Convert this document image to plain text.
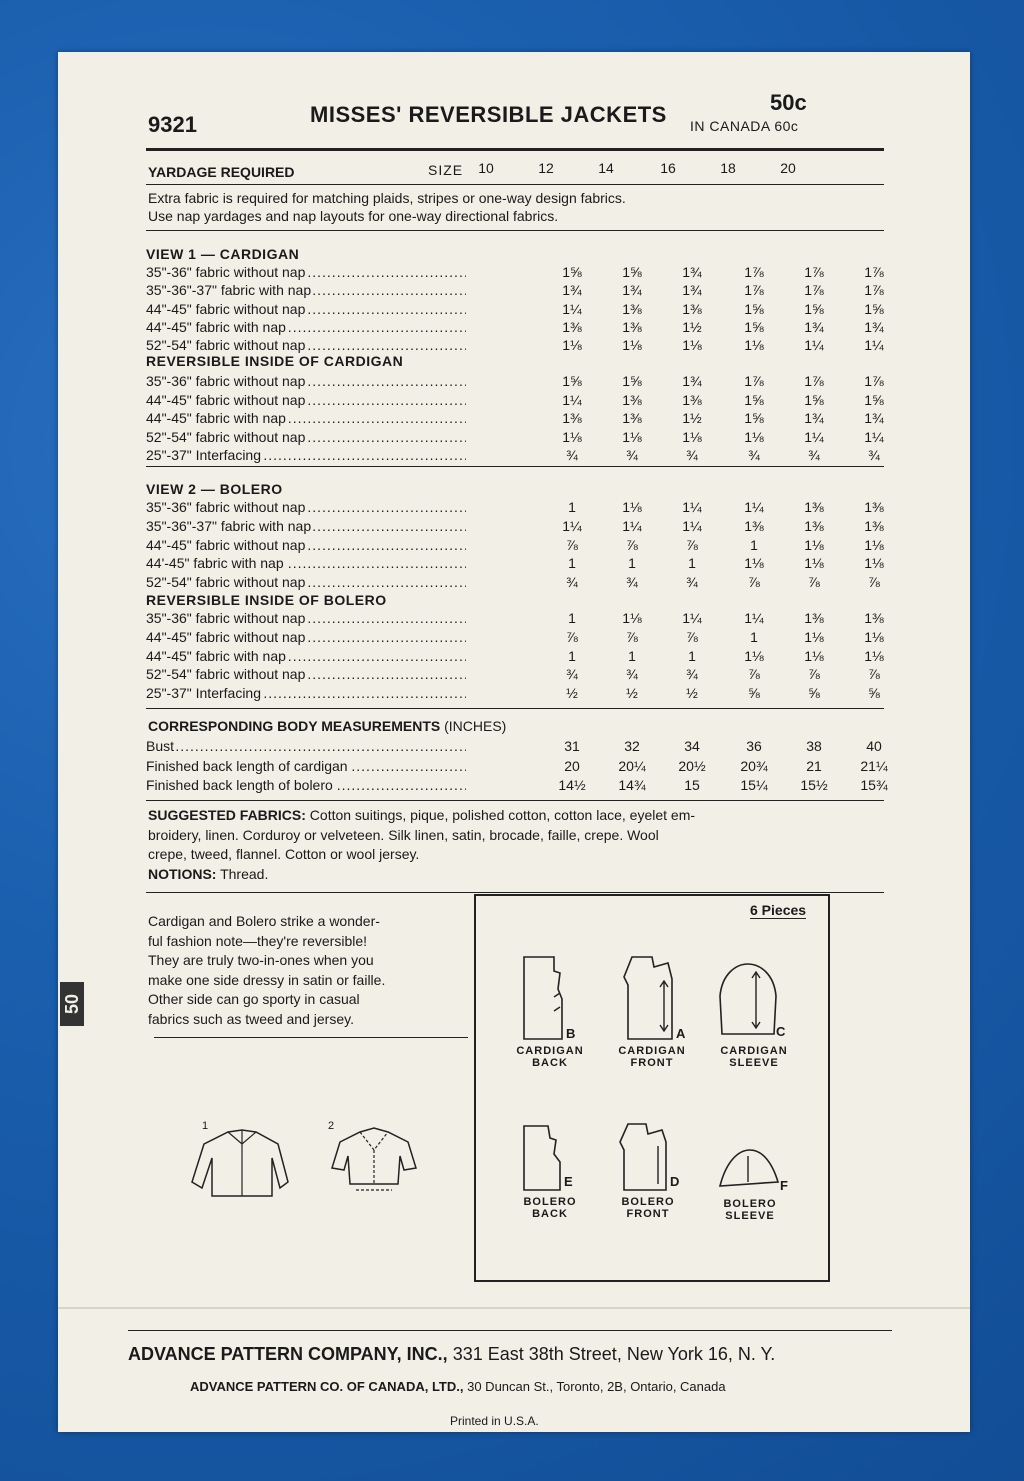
9321	MISSES' REVERSIBLE JACKETS	50c
IN CANADA 60c
YARDAGE REQUIRED	SIZE	10	12	14	16	18	20
Extra fabric is required for matching plaids, stripes or one-way design fabrics.
Use nap yardages and nap layouts for one-way directional fabrics.
VIEW 1 — CARDIGAN
35"-36" fabric without nap .....	1⅝	1⅝	1¾	1⅞	1⅞	1⅞
35"-36"-37" fabric with nap .....	1¾	1¾	1¾	1⅞	1⅞	1⅞
44"-45" fabric without nap .....	1¼	1⅜	1⅜	1⅝	1⅝	1⅝
44"-45" fabric with nap .....	1⅜	1⅜	1½	1⅝	1¾	1¾
52"-54" fabric without nap .....	1⅛	1⅛	1⅛	1⅛	1¼	1¼
REVERSIBLE INSIDE OF CARDIGAN
35"-36" fabric without nap .....	1⅝	1⅝	1¾	1⅞	1⅞	1⅞
44"-45" fabric without nap .....	1¼	1⅜	1⅜	1⅝	1⅝	1⅝
44"-45" fabric with nap .....	1⅜	1⅜	1½	1⅝	1¾	1¾
52"-54" fabric without nap .....	1⅛	1⅛	1⅛	1⅛	1¼	1¼
25"-37" Interfacing .....	¾	¾	¾	¾	¾	¾
VIEW 2 — BOLERO
35"-36" fabric without nap .....	1	1⅛	1¼	1¼	1⅜	1⅜
35"-36"-37" fabric with nap .....	1¼	1¼	1¼	1⅜	1⅜	1⅜
44"-45" fabric without nap .....	⅞	⅞	⅞	1	1⅛	1⅛
44'-45" fabric with nap .....	1	1	1	1⅛	1⅛	1⅛
52"-54" fabric without nap .....	¾	¾	¾	⅞	⅞	⅞
REVERSIBLE INSIDE OF BOLERO
35"-36" fabric without nap .....	1	1⅛	1¼	1¼	1⅜	1⅜
44"-45" fabric without nap .....	⅞	⅞	⅞	1	1⅛	1⅛
44"-45" fabric with nap .....	1	1	1	1⅛	1⅛	1⅛
52"-54" fabric without nap .....	¾	¾	¾	⅞	⅞	⅞
25"-37" Interfacing .....	½	½	½	⅝	⅝	⅝
CORRESPONDING BODY MEASUREMENTS (INCHES)
Bust .....	31	32	34	36	38	40
Finished back length of cardigan .....	20	20¼	20½	20¾	21	21¼
Finished back length of bolero .....	14½	14¾	15	15¼	15½	15¾
SUGGESTED FABRICS: Cotton suitings, pique, polished cotton, cotton lace, eyelet em-
broidery, linen. Corduroy or velveteen. Silk linen, satin, brocade, faille, crepe. Wool
crepe, tweed, flannel. Cotton or wool jersey.
NOTIONS: Thread.
Cardigan and Bolero strike a wonder-
ful fashion note—they're reversible!
They are truly two-in-ones when you
make one side dressy in satin or faille.
Other side can go sporty in casual
fabrics such as tweed and jersey.
50
1	2
6 Pieces
B
CARDIGAN
BACK
A
CARDIGAN
FRONT
C
CARDIGAN
SLEEVE
E
BOLERO
BACK
D
BOLERO
FRONT
F
BOLERO
SLEEVE
ADVANCE PATTERN COMPANY, INC., 331 East 38th Street, New York 16, N. Y.
ADVANCE PATTERN CO. OF CANADA, LTD., 30 Duncan St., Toronto, 2B, Ontario, Canada
Printed in U.S.A.
